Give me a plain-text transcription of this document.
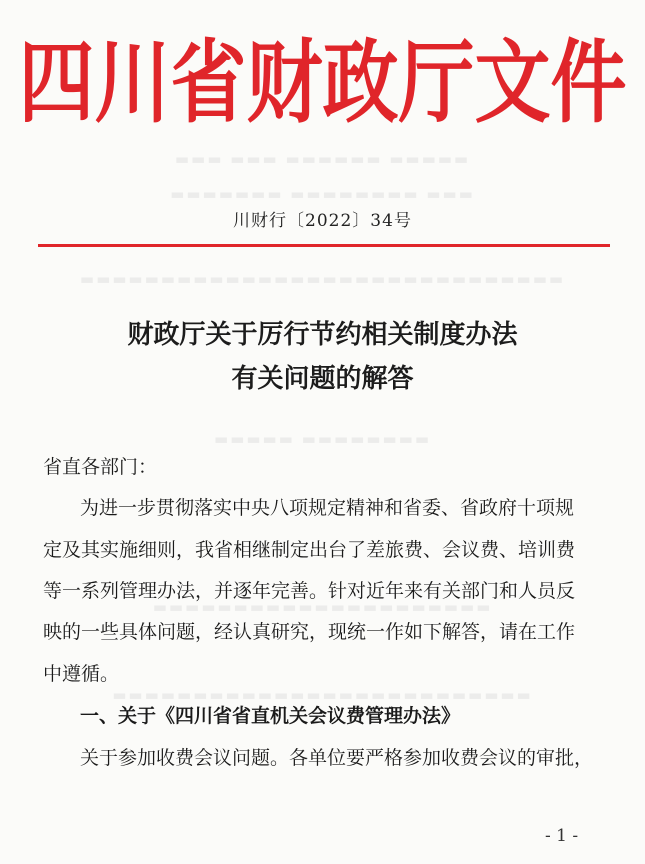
▬▬▬ ▬▬▬ ▬▬▬▬▬▬ ▬▬▬▬▬
▬▬▬▬▬▬▬ ▬▬▬▬▬▬▬▬ ▬▬▬
▬▬▬▬▬▬▬▬▬▬▬▬▬▬▬▬▬▬▬▬▬▬▬▬▬▬▬▬▬▬
▬▬▬▬▬ ▬▬▬▬▬▬▬▬
▬▬▬▬▬▬▬▬▬▬▬▬▬▬▬▬▬▬▬▬▬
▬▬▬▬▬▬▬▬▬▬▬▬▬▬▬▬▬▬▬▬▬▬▬▬▬▬
四川省财政厅文件
川财行〔2022〕34号
财政厅关于厉行节约相关制度办法
有关问题的解答
省直各部门：
为进一步贯彻落实中央八项规定精神和省委、省政府十项规
定及其实施细则，我省相继制定出台了差旅费、会议费、培训费
等一系列管理办法，并逐年完善。针对近年来有关部门和人员反
映的一些具体问题，经认真研究，现统一作如下解答，请在工作
中遵循。
一、关于《四川省省直机关会议费管理办法》
关于参加收费会议问题。各单位要严格参加收费会议的审批，
- 1 -
